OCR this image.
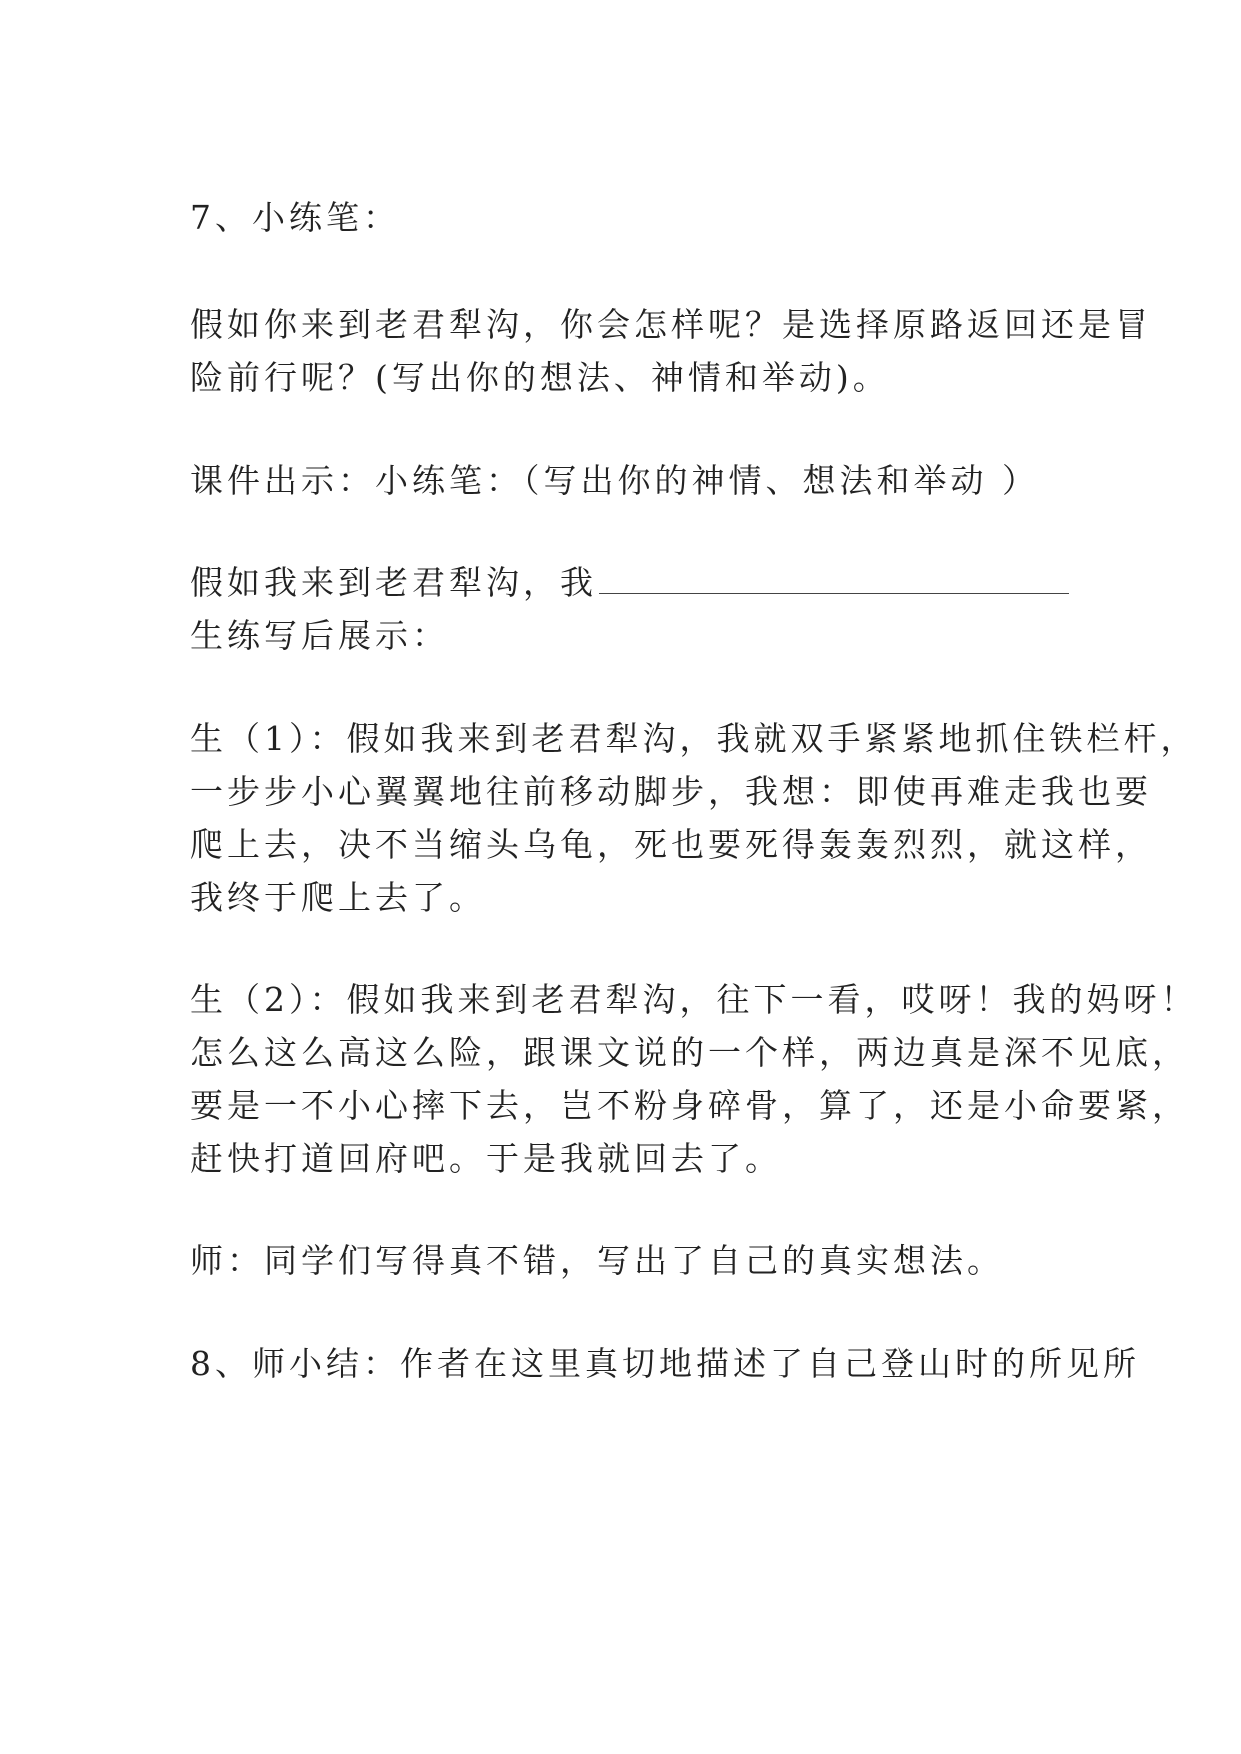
7、小练笔：
假如你来到老君犁沟，你会怎样呢？是选择原路返回还是冒
险前行呢？(写出你的想法、神情和举动)。
课件出示：小练笔：（写出你的神情、想法和举动 ）
假如我来到老君犁沟，我
生练写后展示：
生（1）：假如我来到老君犁沟，我就双手紧紧地抓住铁栏杆，
一步步小心翼翼地往前移动脚步，我想：即使再难走我也要
爬上去，决不当缩头乌龟，死也要死得轰轰烈烈，就这样，
我终于爬上去了。
生（2）：假如我来到老君犁沟，往下一看，哎呀！我的妈呀！
怎么这么高这么险，跟课文说的一个样，两边真是深不见底，
要是一不小心摔下去，岂不粉身碎骨，算了，还是小命要紧，
赶快打道回府吧。于是我就回去了。
师：同学们写得真不错，写出了自己的真实想法。
8、师小结：作者在这里真切地描述了自己登山时的所见所
